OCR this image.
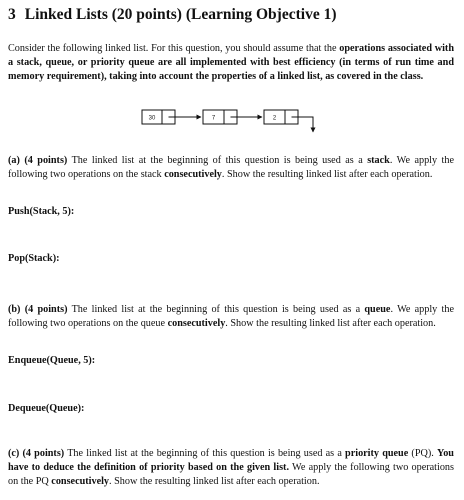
3 Linked Lists (20 points) (Learning Objective 1)

Consider the following linked list. For this question, you should assume that the operations associated with a stack, queue, or priority queue are all implemented with best efficiency (in terms of run time and memory requirement), taking into account the properties of a linked list, as covered in the class.

30	7	2

(a) (4 points) The linked list at the beginning of this question is being used as a stack. We apply the following two operations on the stack consecutively. Show the resulting linked list after each operation.

Push(Stack, 5):

Pop(Stack):

(b) (4 points) The linked list at the beginning of this question is being used as a queue. We apply the following two operations on the queue consecutively. Show the resulting linked list after each operation.

Enqueue(Queue, 5):

Dequeue(Queue):

(c) (4 points) The linked list at the beginning of this question is being used as a priority queue (PQ). You have to deduce the definition of priority based on the given list. We apply the following two operations on the PQ consecutively. Show the resulting linked list after each operation.
